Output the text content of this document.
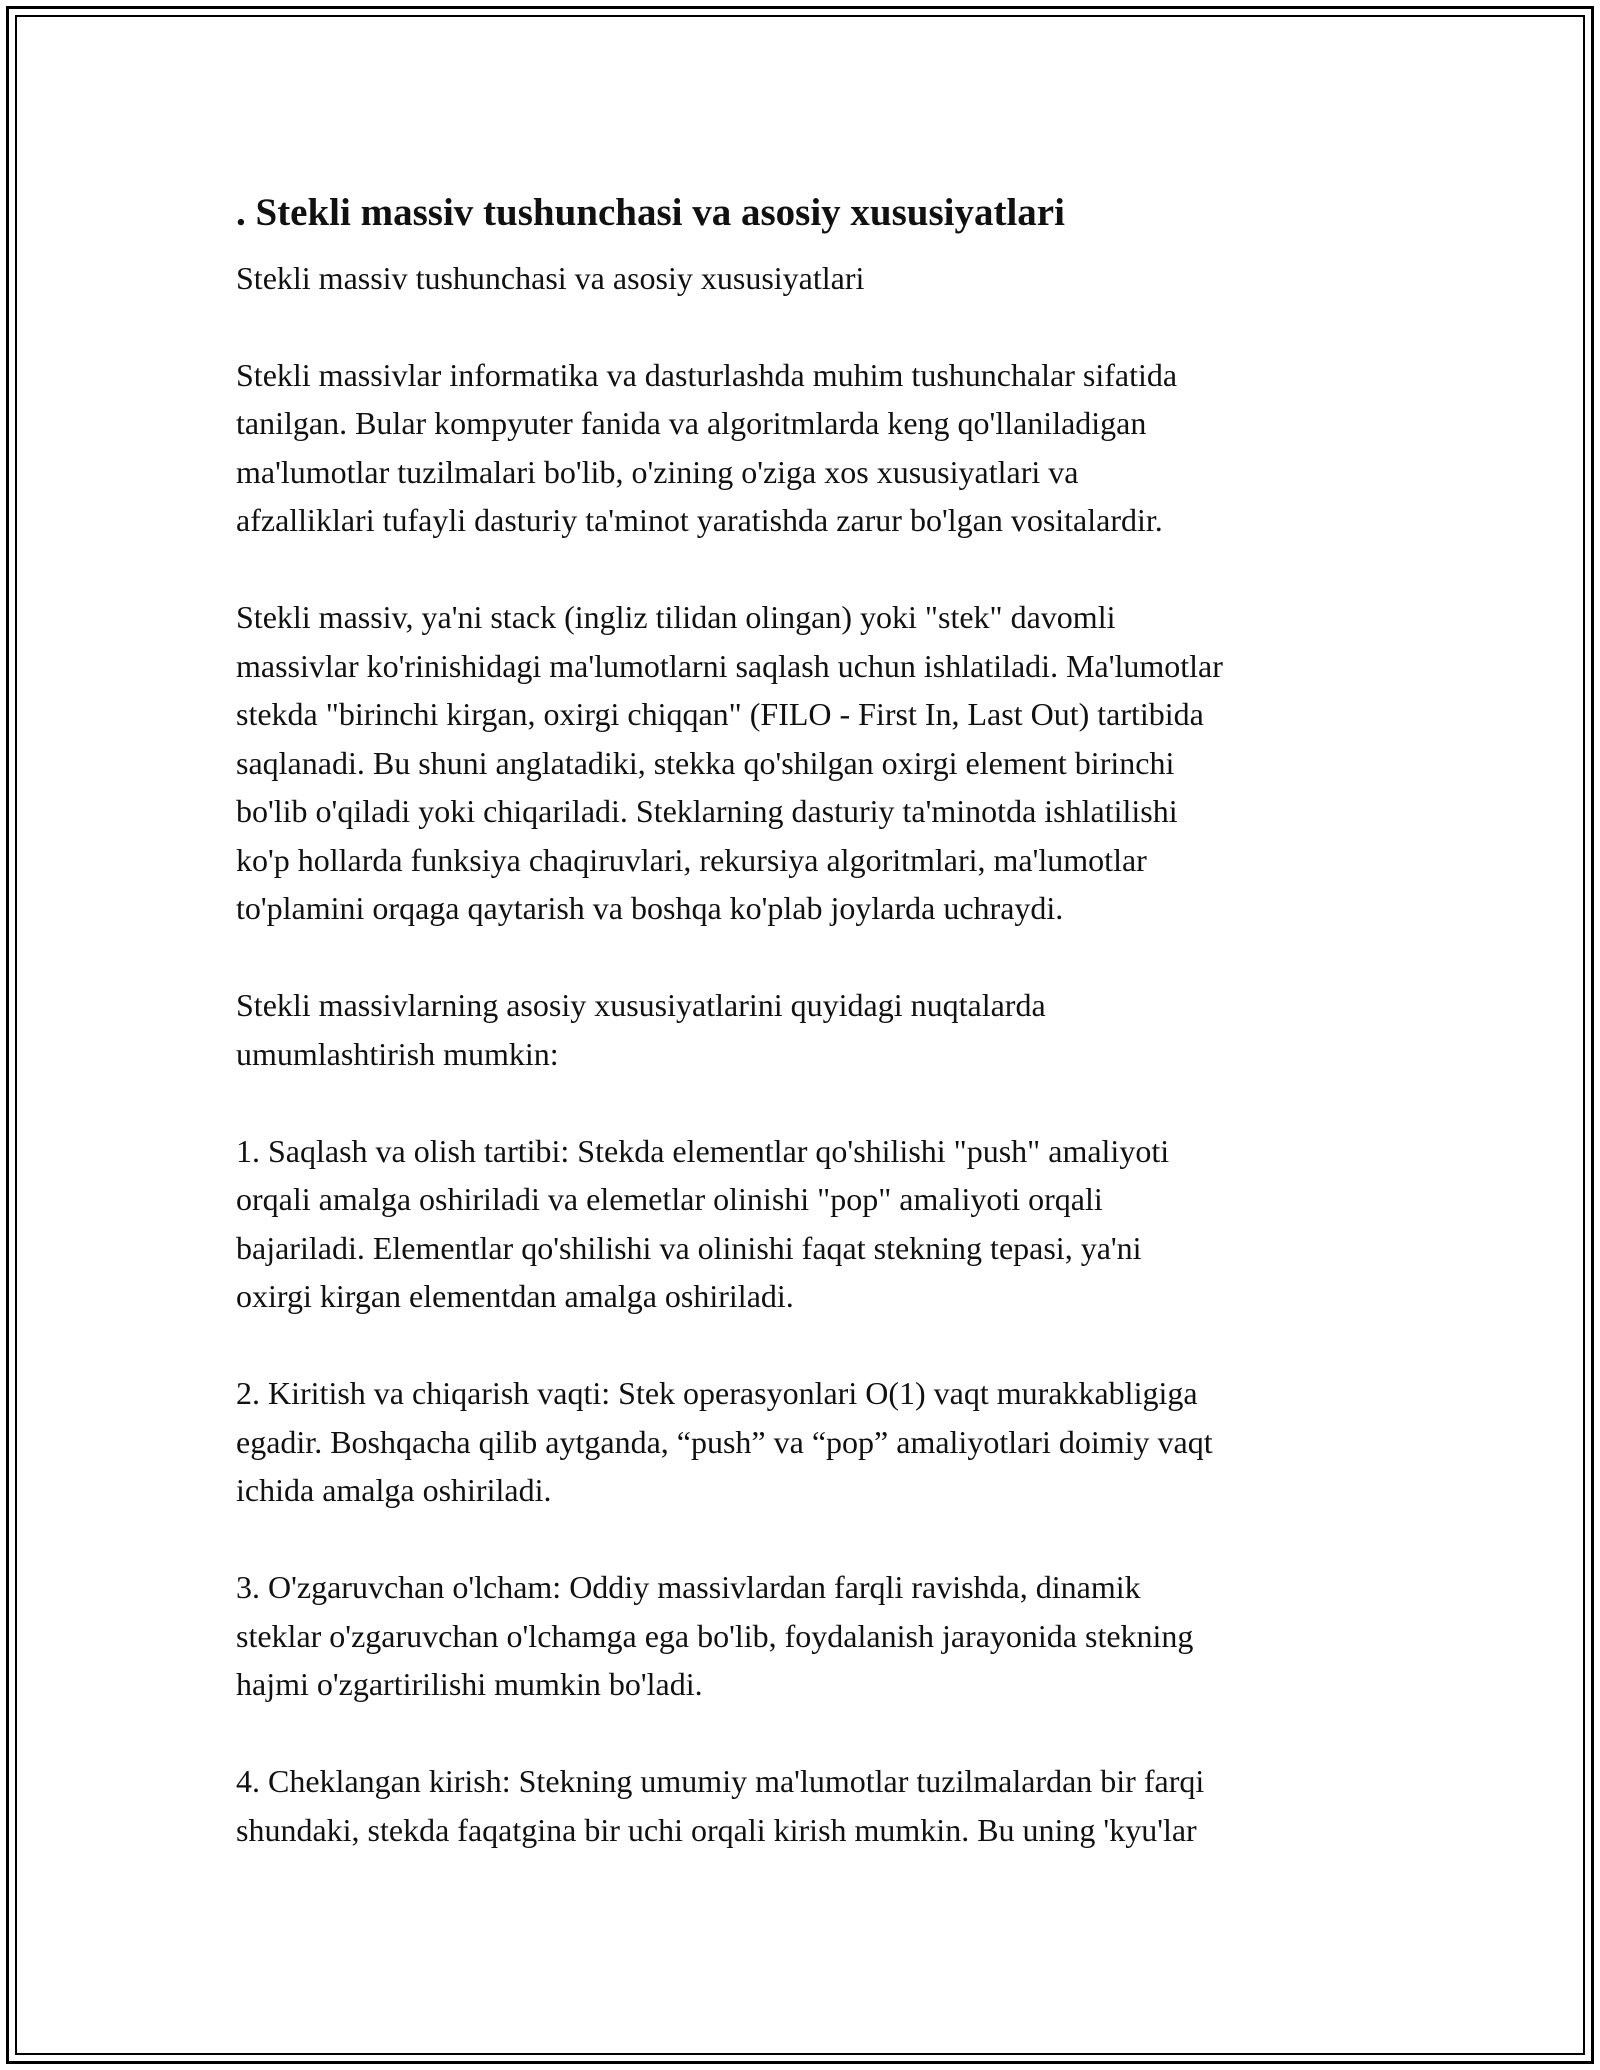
. Stekli massiv tushunchasi va asosiy xususiyatlari

Stekli massiv tushunchasi va asosiy xususiyatlari

Stekli massivlar informatika va dasturlashda muhim tushunchalar sifatida
tanilgan. Bular kompyuter fanida va algoritmlarda keng qo'llaniladigan
ma'lumotlar tuzilmalari bo'lib, o'zining o'ziga xos xususiyatlari va
afzalliklari tufayli dasturiy ta'minot yaratishda zarur bo'lgan vositalardir.

Stekli massiv, ya'ni stack (ingliz tilidan olingan) yoki "stek" davomli
massivlar ko'rinishidagi ma'lumotlarni saqlash uchun ishlatiladi. Ma'lumotlar
stekda "birinchi kirgan, oxirgi chiqqan" (FILO - First In, Last Out) tartibida
saqlanadi. Bu shuni anglatadiki, stekka qo'shilgan oxirgi element birinchi
bo'lib o'qiladi yoki chiqariladi. Steklarning dasturiy ta'minotda ishlatilishi
ko'p hollarda funksiya chaqiruvlari, rekursiya algoritmlari, ma'lumotlar
to'plamini orqaga qaytarish va boshqa ko'plab joylarda uchraydi.

Stekli massivlarning asosiy xususiyatlarini quyidagi nuqtalarda
umumlashtirish mumkin:

1. Saqlash va olish tartibi: Stekda elementlar qo'shilishi "push" amaliyoti
orqali amalga oshiriladi va elemetlar olinishi "pop" amaliyoti orqali
bajariladi. Elementlar qo'shilishi va olinishi faqat stekning tepasi, ya'ni
oxirgi kirgan elementdan amalga oshiriladi.

2. Kiritish va chiqarish vaqti: Stek operasyonlari O(1) vaqt murakkabligiga
egadir. Boshqacha qilib aytganda, “push” va “pop” amaliyotlari doimiy vaqt
ichida amalga oshiriladi.

3. O'zgaruvchan o'lcham: Oddiy massivlardan farqli ravishda, dinamik
steklar o'zgaruvchan o'lchamga ega bo'lib, foydalanish jarayonida stekning
hajmi o'zgartirilishi mumkin bo'ladi.

4. Cheklangan kirish: Stekning umumiy ma'lumotlar tuzilmalardan bir farqi
shundaki, stekda faqatgina bir uchi orqali kirish mumkin. Bu uning 'kyu'lar
